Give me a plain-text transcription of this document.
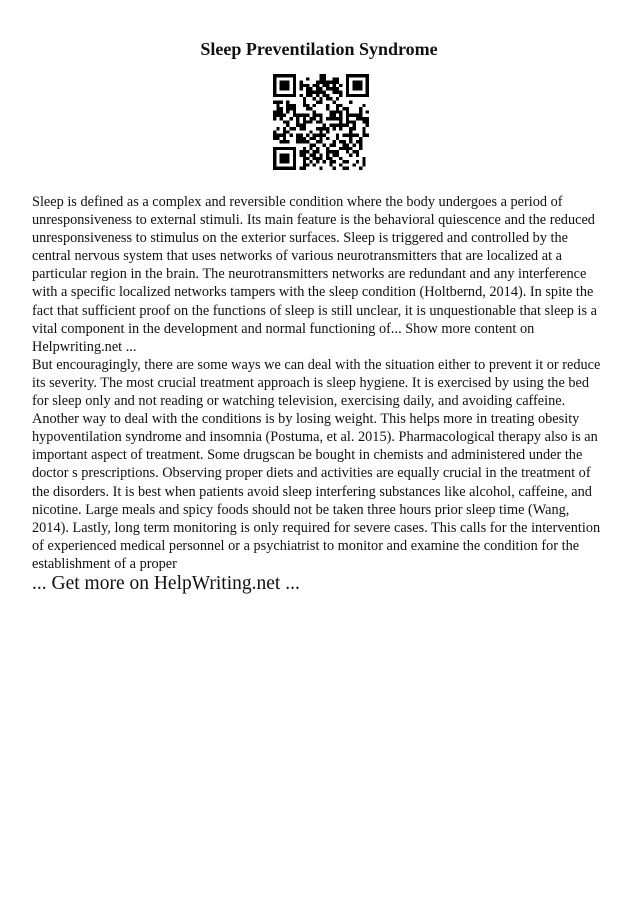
Sleep Preventilation Syndrome

Sleep is defined as a complex and reversible condition where the body undergoes a period of unresponsiveness to external stimuli. Its main feature is the behavioral quiescence and the reduced unresponsiveness to stimulus on the exterior surfaces. Sleep is triggered and controlled by the central nervous system that uses networks of various neurotransmitters that are localized at a particular region in the brain. The neurotransmitters networks are redundant and any interference with a specific localized networks tampers with the sleep condition (Holtbernd, 2014). In spite the fact that sufficient proof on the functions of sleep is still unclear, it is unquestionable that sleep is a vital component in the development and normal functioning of... Show more content on Helpwriting.net ...

But encouragingly, there are some ways we can deal with the situation either to prevent it or reduce its severity. The most crucial treatment approach is sleep hygiene. It is exercised by using the bed for sleep only and not reading or watching television, exercising daily, and avoiding caffeine. Another way to deal with the conditions is by losing weight. This helps more in treating obesity hypoventilation syndrome and insomnia (Postuma, et al. 2015). Pharmacological therapy also is an important aspect of treatment. Some drugscan be bought in chemists and administered under the doctor s prescriptions. Observing proper diets and activities are equally crucial in the treatment of the disorders. It is best when patients avoid sleep interfering substances like alcohol, caffeine, and nicotine. Large meals and spicy foods should not be taken three hours prior sleep time (Wang, 2014). Lastly, long term monitoring is only required for severe cases. This calls for the intervention of experienced medical personnel or a psychiatrist to monitor and examine the condition for the establishment of a proper

... Get more on HelpWriting.net ...
